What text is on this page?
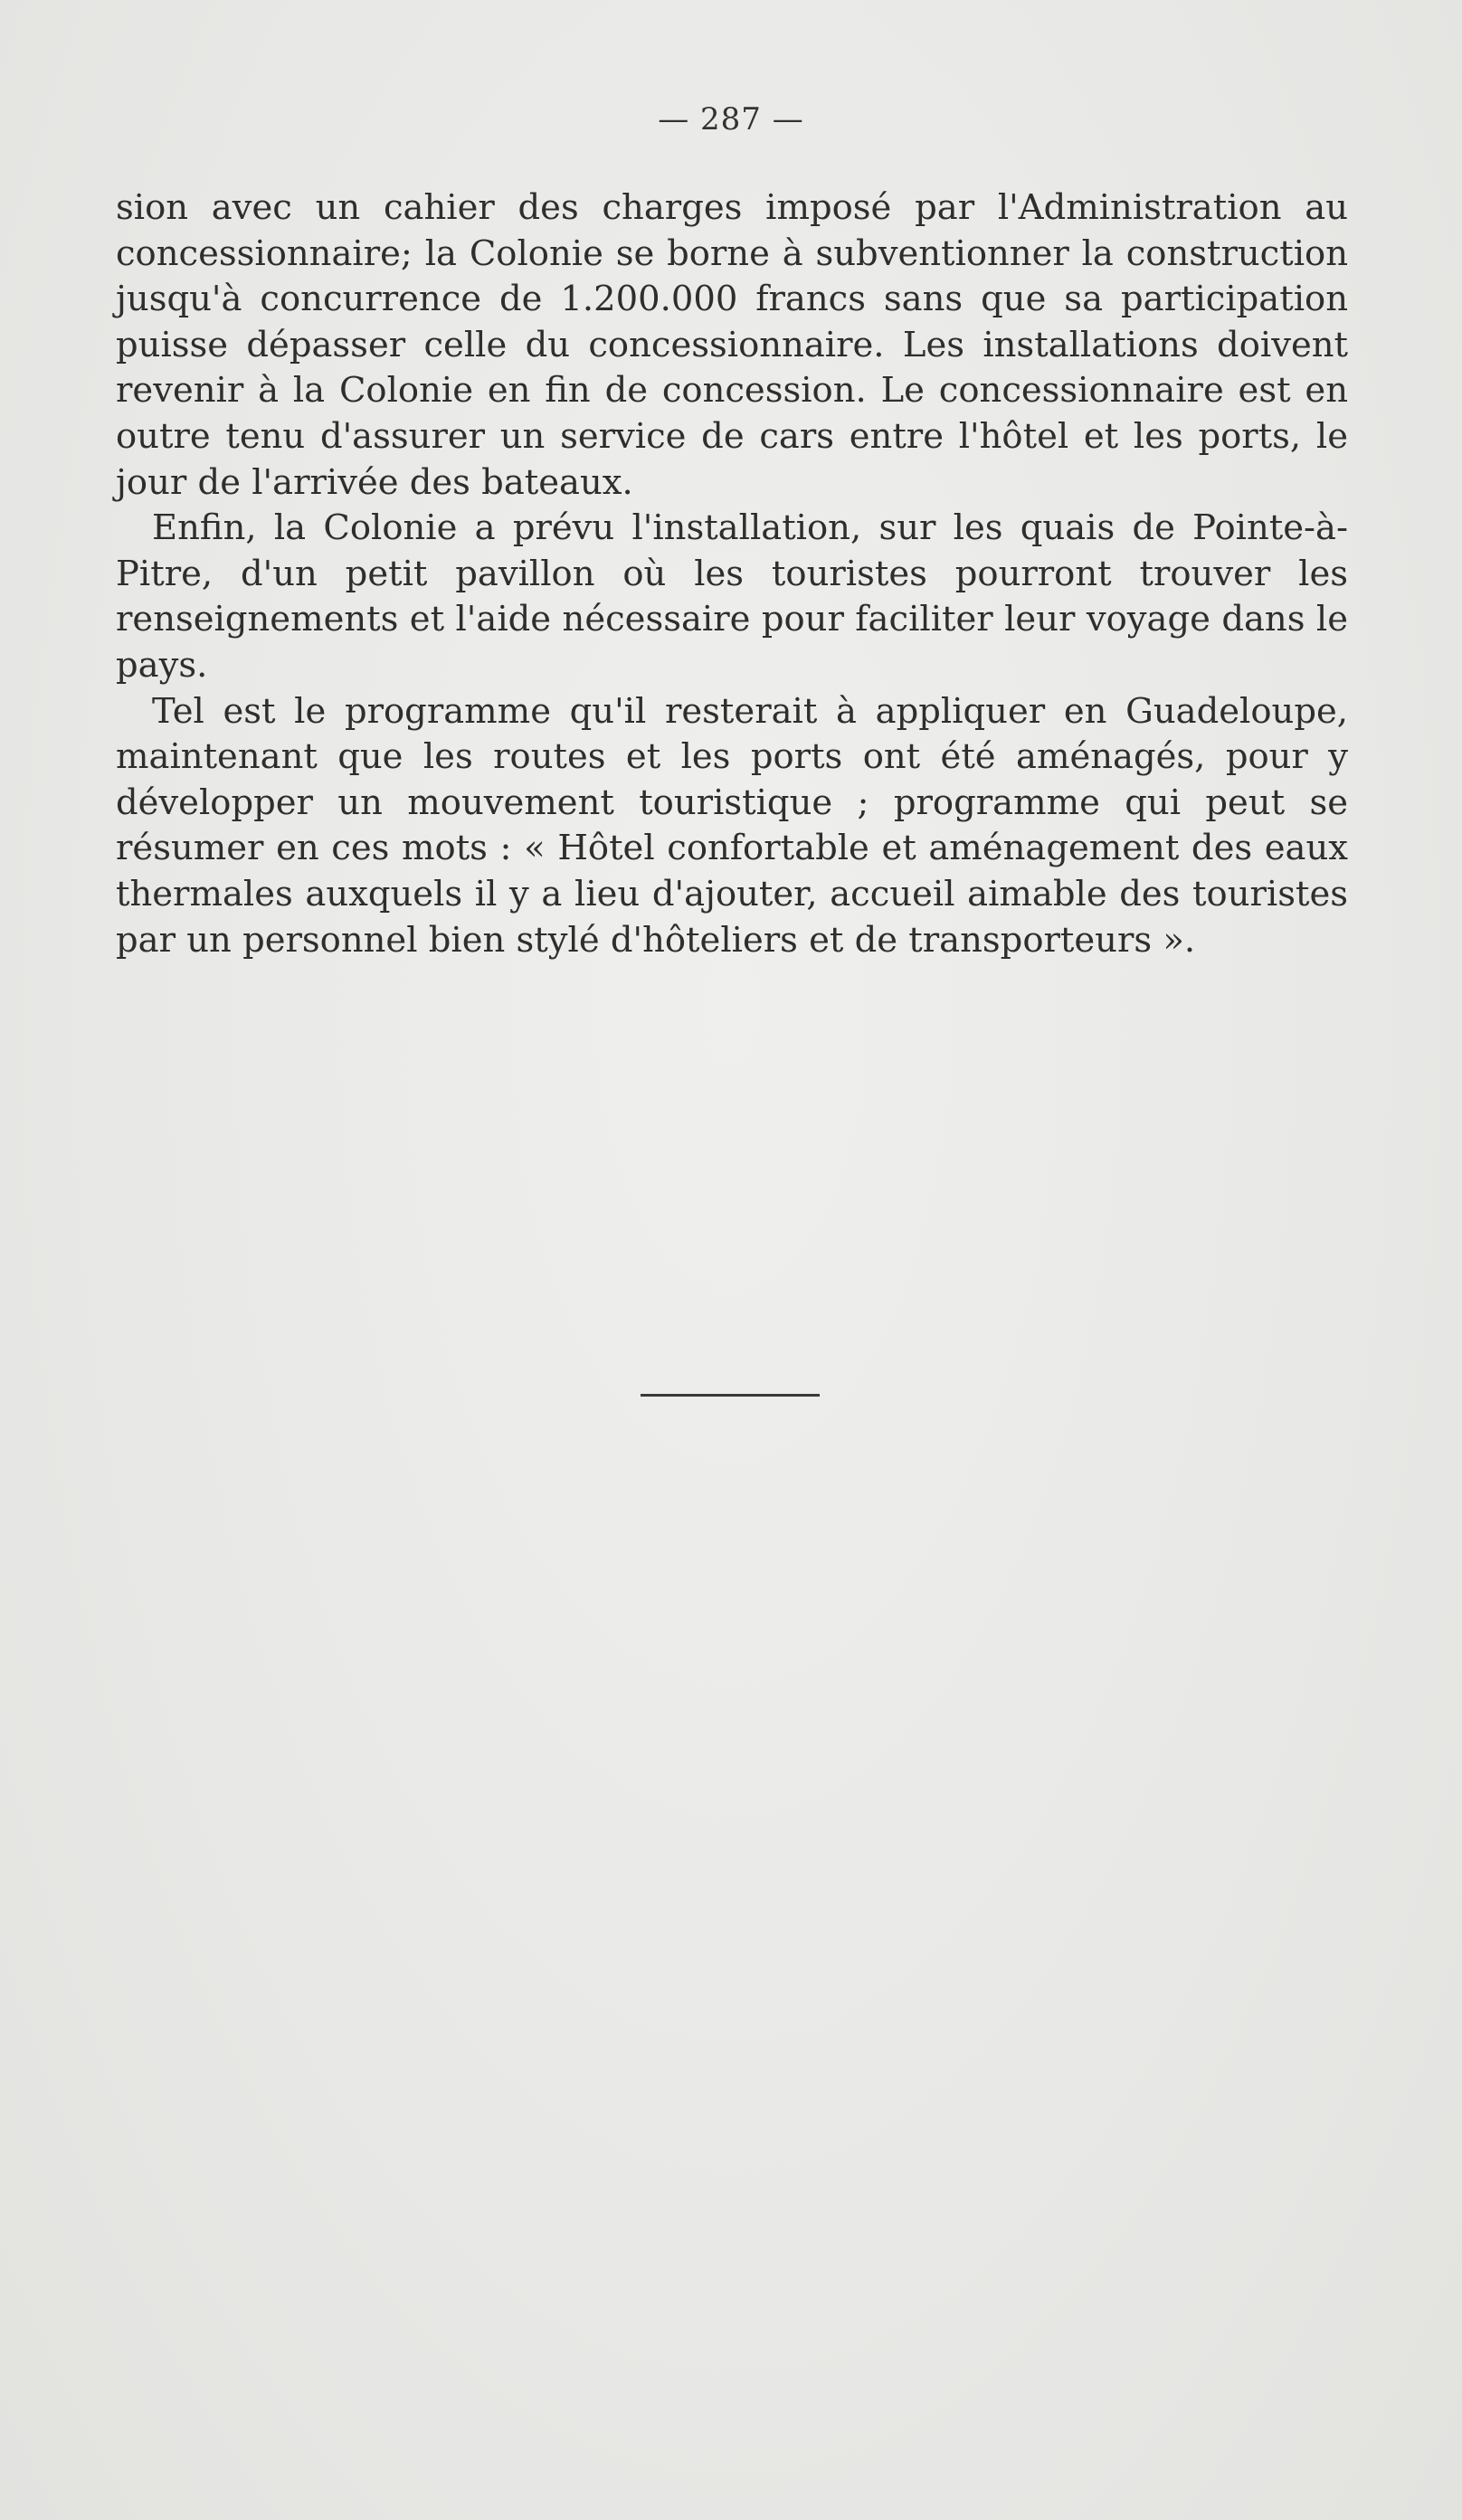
— 287 —

sion avec un cahier des charges imposé par l'Administration au concessionnaire; la Colonie se borne à subventionner la construction jusqu'à concurrence de 1.200.000 francs sans que sa participation puisse dépasser celle du concessionnaire. Les installations doivent revenir à la Colonie en fin de concession. Le concessionnaire est en outre tenu d'assurer un service de cars entre l'hôtel et les ports, le jour de l'arrivée des bateaux.

Enfin, la Colonie a prévu l'installation, sur les quais de Pointe-à-Pitre, d'un petit pavillon où les touristes pourront trouver les renseignements et l'aide nécessaire pour faciliter leur voyage dans le pays.

Tel est le programme qu'il resterait à appliquer en Guadeloupe, maintenant que les routes et les ports ont été aménagés, pour y développer un mouvement touristique ; programme qui peut se résumer en ces mots : « Hôtel confortable et aménagement des eaux thermales auxquels il y a lieu d'ajouter, accueil aimable des touristes par un personnel bien stylé d'hôteliers et de transporteurs ».
